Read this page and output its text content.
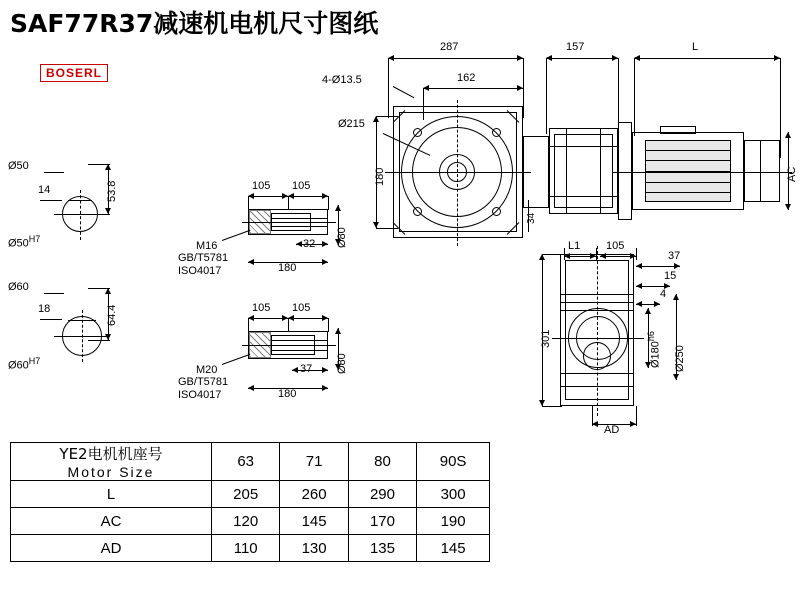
SAF77R37减速机电机尺寸图纸
BOSERL
287
162
157	L
4-Ø13.5
Ø215
180
34
AC
Ø50
53.8
14
$Ø50^{H7}$
Ø60
64.4
18
$Ø60^{H7}$
105 105
32
180
Ø80
M16
GB/T5781
ISO4017
105 105
37
180
Ø80
M20
GB/T5781
ISO4017
L1 105
37
15
4
301
$Ø180^{h6}$
Ø250
AD
YE2电机机座号
Motor Size	63	71	80	90S
L	205	260	290	300
AC	120	145	170	190
AD	110	130	135	145
